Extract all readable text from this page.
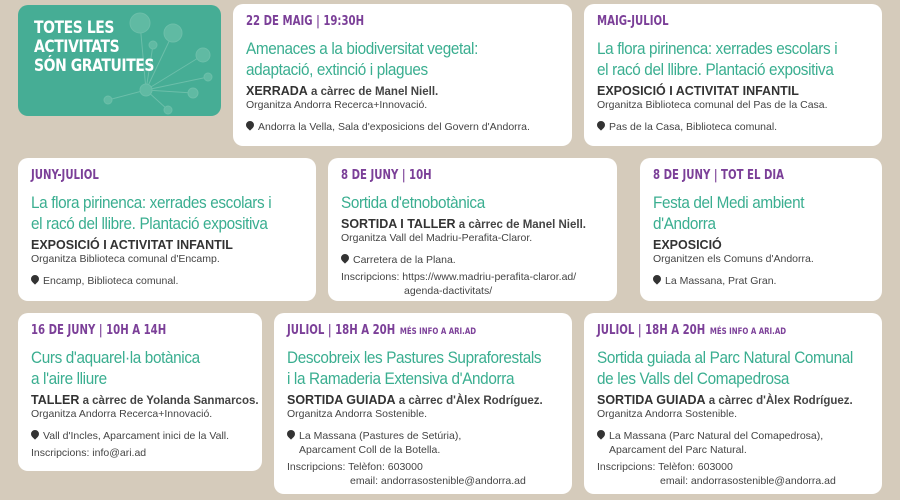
TOTES LES
ACTIVITATS
SÓN GRATUITES
22 DE MAIG | 19:30H
Amenaces a la biodiversitat vegetal:
adaptació, extinció i plagues
XERRADA a càrrec de Manel Niell.
Organitza Andorra Recerca+Innovació.
Andorra la Vella, Sala d'exposicions del Govern d'Andorra.
MAIG-JULIOL
La flora pirinenca: xerrades escolars i
el racó del llibre. Plantació expositiva
EXPOSICIÓ I ACTIVITAT INFANTIL
Organitza Biblioteca comunal del Pas de la Casa.
Pas de la Casa, Biblioteca comunal.
JUNY-JULIOL
La flora pirinenca: xerrades escolars i
el racó del llibre. Plantació expositiva
EXPOSICIÓ I ACTIVITAT INFANTIL
Organitza Biblioteca comunal d'Encamp.
Encamp, Biblioteca comunal.
8 DE JUNY | 10H
Sortida d'etnobotànica
SORTIDA I TALLER a càrrec de Manel Niell.
Organitza Vall del Madriu-Perafita-Claror.
Carretera de la Plana.
Inscripcions: https://www.madriu-perafita-claror.ad/
agenda-dactivitats/
8 DE JUNY | TOT EL DIA
Festa del Medi ambient
d'Andorra
EXPOSICIÓ
Organitzen els Comuns d'Andorra.
La Massana, Prat Gran.
16 DE JUNY | 10H A 14H
Curs d'aquarel·la botànica
a l'aire lliure
TALLER a càrrec de Yolanda Sanmarcos.
Organitza Andorra Recerca+Innovació.
Vall d'Incles, Aparcament inici de la Vall.
Inscripcions: info@ari.ad
JULIOL | 18H A 20H MÉS INFO A ARI.AD
Descobreix les Pastures Supraforestals
i la Ramaderia Extensiva d'Andorra
SORTIDA GUIADA a càrrec d'Àlex Rodríguez.
Organitza Andorra Sostenible.
La Massana (Pastures de Setúria),
Aparcament Coll de la Botella.
Inscripcions: Telèfon: 603000
email: andorrasostenible@andorra.ad
JULIOL | 18H A 20H MÉS INFO A ARI.AD
Sortida guiada al Parc Natural Comunal
de les Valls del Comapedrosa
SORTIDA GUIADA a càrrec d'Àlex Rodríguez.
Organitza Andorra Sostenible.
La Massana (Parc Natural del Comapedrosa),
Aparcament del Parc Natural.
Inscripcions: Telèfon: 603000
email: andorrasostenible@andorra.ad
